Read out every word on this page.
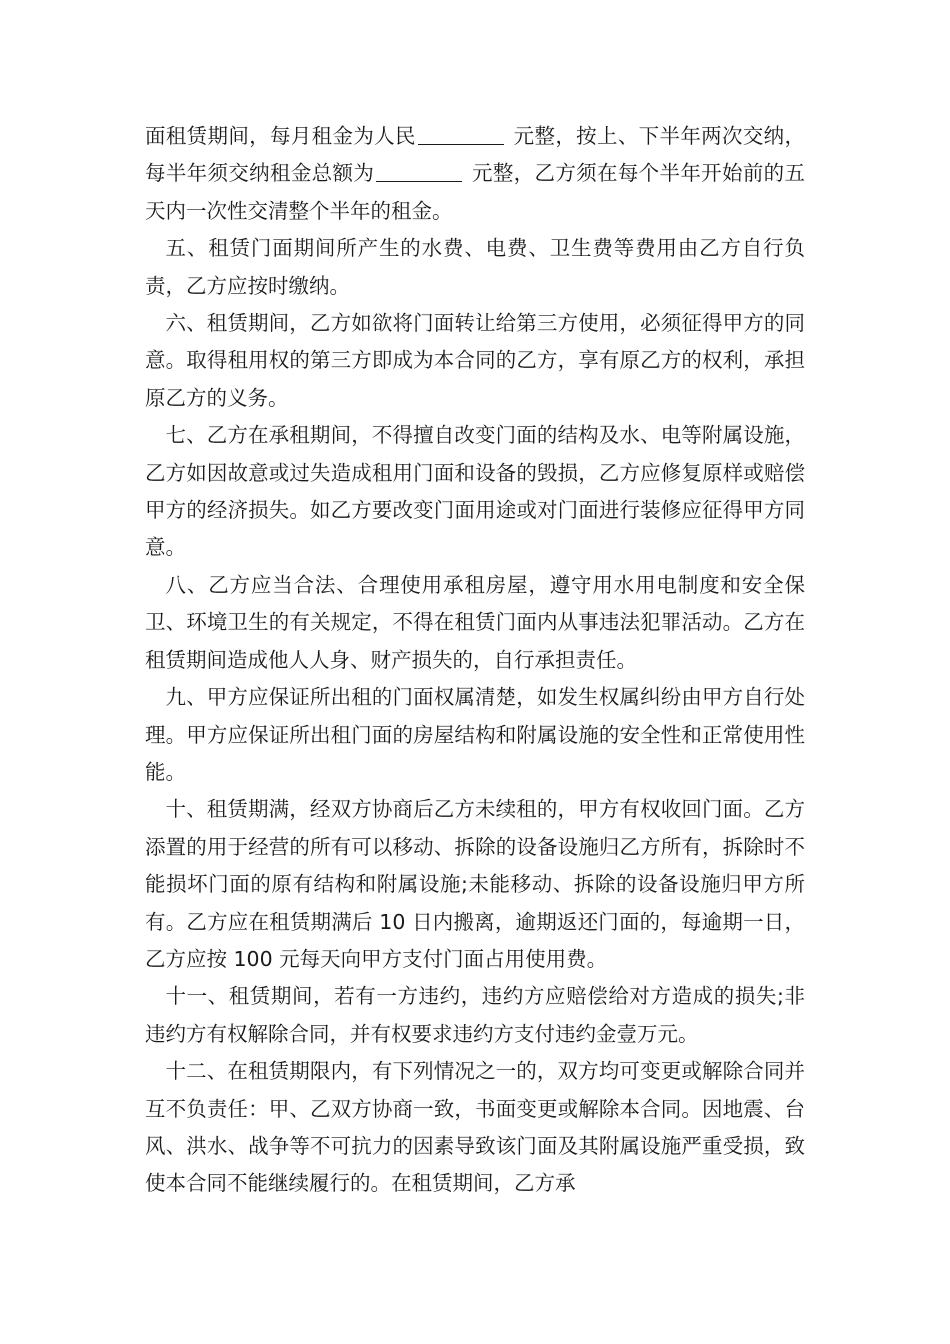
面租赁期间，每月租金为人民	元整，按上、下半年两次交纳，每半年须交纳租金总额为	元整，乙方须在每个半年开始前的五天内一次性交清整个半年的租金。

五、租赁门面期间所产生的水费、电费、卫生费等费用由乙方自行负责，乙方应按时缴纳。

六、租赁期间，乙方如欲将门面转让给第三方使用，必须征得甲方的同意。取得租用权的第三方即成为本合同的乙方，享有原乙方的权利，承担原乙方的义务。

七、乙方在承租期间，不得擅自改变门面的结构及水、电等附属设施，乙方如因故意或过失造成租用门面和设备的毁损，乙方应修复原样或赔偿甲方的经济损失。如乙方要改变门面用途或对门面进行装修应征得甲方同意。

八、乙方应当合法、合理使用承租房屋，遵守用水用电制度和安全保卫、环境卫生的有关规定，不得在租赁门面内从事违法犯罪活动。乙方在租赁期间造成他人人身、财产损失的，自行承担责任。

九、甲方应保证所出租的门面权属清楚，如发生权属纠纷由甲方自行处理。甲方应保证所出租门面的房屋结构和附属设施的安全性和正常使用性能。

十、租赁期满，经双方协商后乙方未续租的，甲方有权收回门面。乙方添置的用于经营的所有可以移动、拆除的设备设施归乙方所有，拆除时不能损坏门面的原有结构和附属设施;未能移动、拆除的设备设施归甲方所有。乙方应在租赁期满后 10 日内搬离，逾期返还门面的，每逾期一日，乙方应按 100 元每天向甲方支付门面占用使用费。

十一、租赁期间，若有一方违约，违约方应赔偿给对方造成的损失;非违约方有权解除合同，并有权要求违约方支付违约金壹万元。

十二、在租赁期限内，有下列情况之一的，双方均可变更或解除合同并互不负责任：甲、乙双方协商一致，书面变更或解除本合同。因地震、台风、洪水、战争等不可抗力的因素导致该门面及其附属设施严重受损，致使本合同不能继续履行的。在租赁期间，乙方承
